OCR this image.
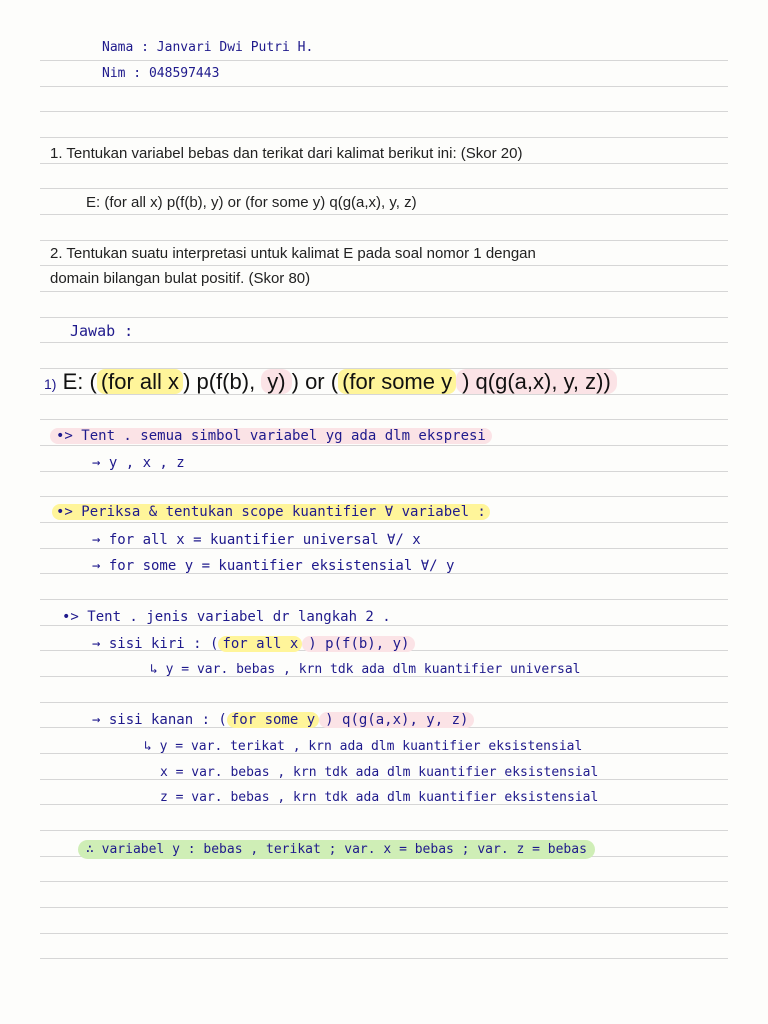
Nama : Janvari Dwi Putri H.
Nim : 048597443
1. Tentukan variabel bebas dan terikat dari kalimat berikut ini: (Skor 20)
E: (for all x) p(f(b), y) or (for some y) q(g(a,x), y, z)
2. Tentukan suatu interpretasi untuk kalimat E pada soal nomor 1 dengan
domain bilangan bulat positif. (Skor 80)
Jawab :
1) E: ( (for all x ) p(f(b), y) ) or ( (for some y ) q(g(a,x), y, z))
•> Tent . semua simbol variabel yg ada dlm ekspresi
→ y , x , z
•> Periksa & tentukan scope kuantifier ∀ variabel :
→ for all x = kuantifier universal ∀/ x
→ for some y = kuantifier eksistensial ∀/ y
•> Tent . jenis variabel dr langkah 2 .
→ sisi kiri : ( for all x ) p(f(b), y)
↳ y = var. bebas , krn tdk ada dlm kuantifier universal
→ sisi kanan : ( for some y ) q(g(a,x), y, z)
↳ y = var. terikat , krn ada dlm kuantifier eksistensial
x = var. bebas , krn tdk ada dlm kuantifier eksistensial
z = var. bebas , krn tdk ada dlm kuantifier eksistensial
∴ variabel y : bebas , terikat ; var. x = bebas ; var. z = bebas
